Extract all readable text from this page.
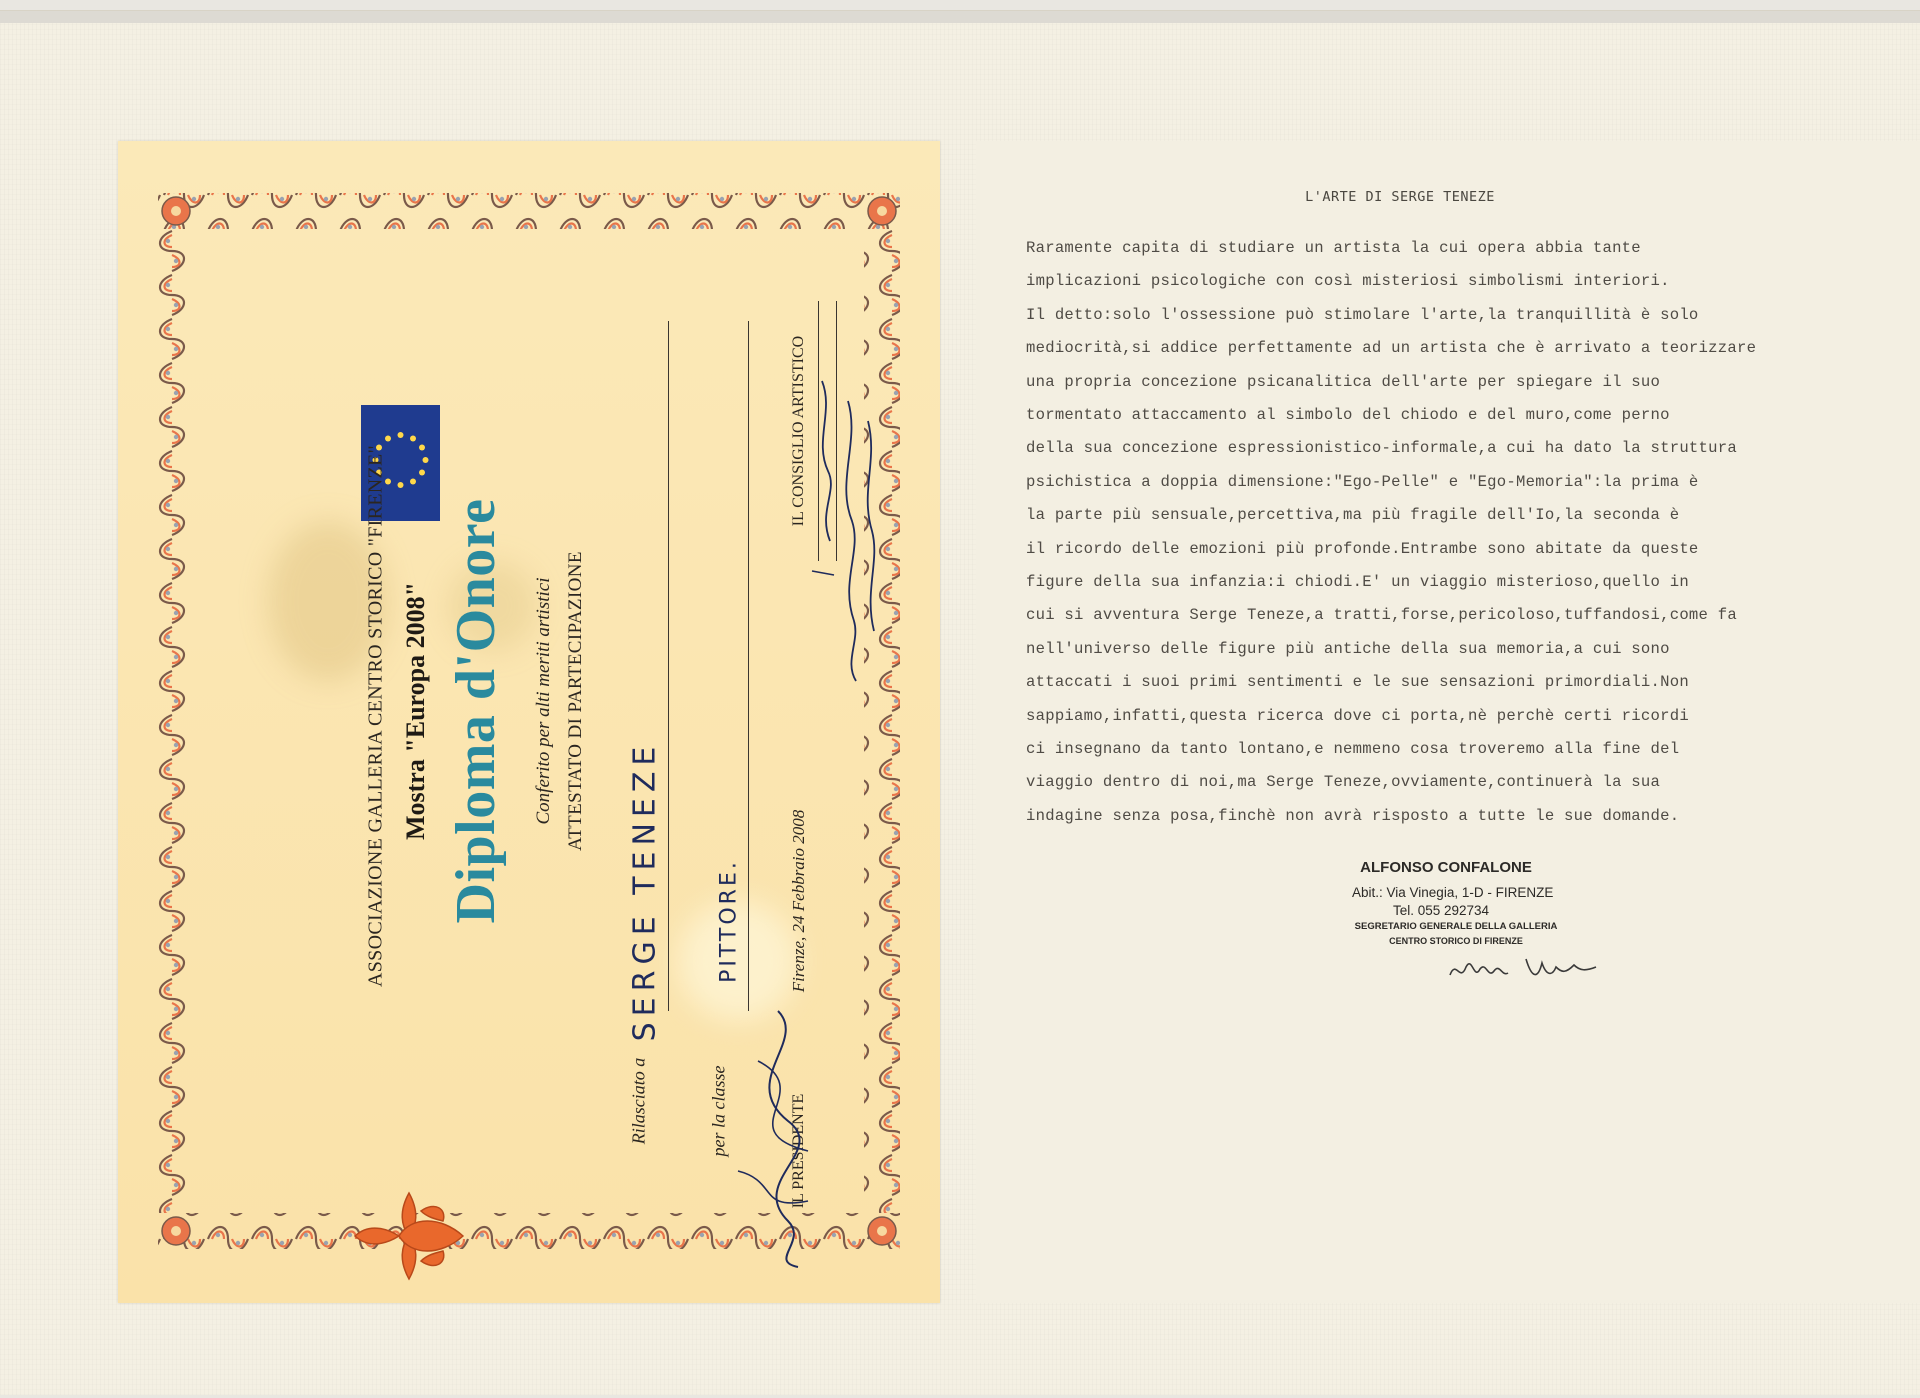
ASSOCIAZIONE GALLERIA CENTRO STORICO "FIRENZE" Mostra "Europa 2008" Diploma d'Onore Conferito per alti meriti artistici ATTESTATO DI PARTECIPAZIONE
Rilasciato a
SERGE TENEZE
per la classe
PITTORE.
IL CONSIGLIO ARTISTICO
Firenze, 24 Febbraio 2008
IL PRESIDENTE
L'ARTE DI SERGE TENEZE
Raramente capita di studiare un artista la cui opera abbia tante
implicazioni psicologiche con così misteriosi simbolismi interiori.
Il detto:solo l'ossessione può stimolare l'arte,la tranquillità è solo
mediocrità,si addice perfettamente ad un artista che è arrivato a teorizzare
una propria concezione psicanalitica dell'arte per spiegare il suo
tormentato attaccamento al simbolo del chiodo e del muro,come perno
della sua concezione espressionistico-informale,a cui ha dato la struttura
psichistica a doppia dimensione:"Ego-Pelle" e "Ego-Memoria":la prima è
la parte più sensuale,percettiva,ma più fragile dell'Io,la seconda è
il ricordo delle emozioni più profonde.Entrambe sono abitate da queste
figure della sua infanzia:i chiodi.E' un viaggio misterioso,quello in
cui si avventura Serge Teneze,a tratti,forse,pericoloso,tuffandosi,come fa
nell'universo delle figure più antiche della sua memoria,a cui sono
attaccati i suoi primi sentimenti e le sue sensazioni primordiali.Non
sappiamo,infatti,questa ricerca dove ci porta,nè perchè certi ricordi
ci insegnano da tanto lontano,e nemmeno cosa troveremo alla fine del
viaggio dentro di noi,ma Serge Teneze,ovviamente,continuerà la sua
indagine senza posa,finchè non avrà risposto a tutte le sue domande.
ALFONSO CONFALONE
Abit.: Via Vinegia, 1-D - FIRENZE
Tel. 055 292734
SEGRETARIO GENERALE DELLA GALLERIA
CENTRO STORICO DI FIRENZE
